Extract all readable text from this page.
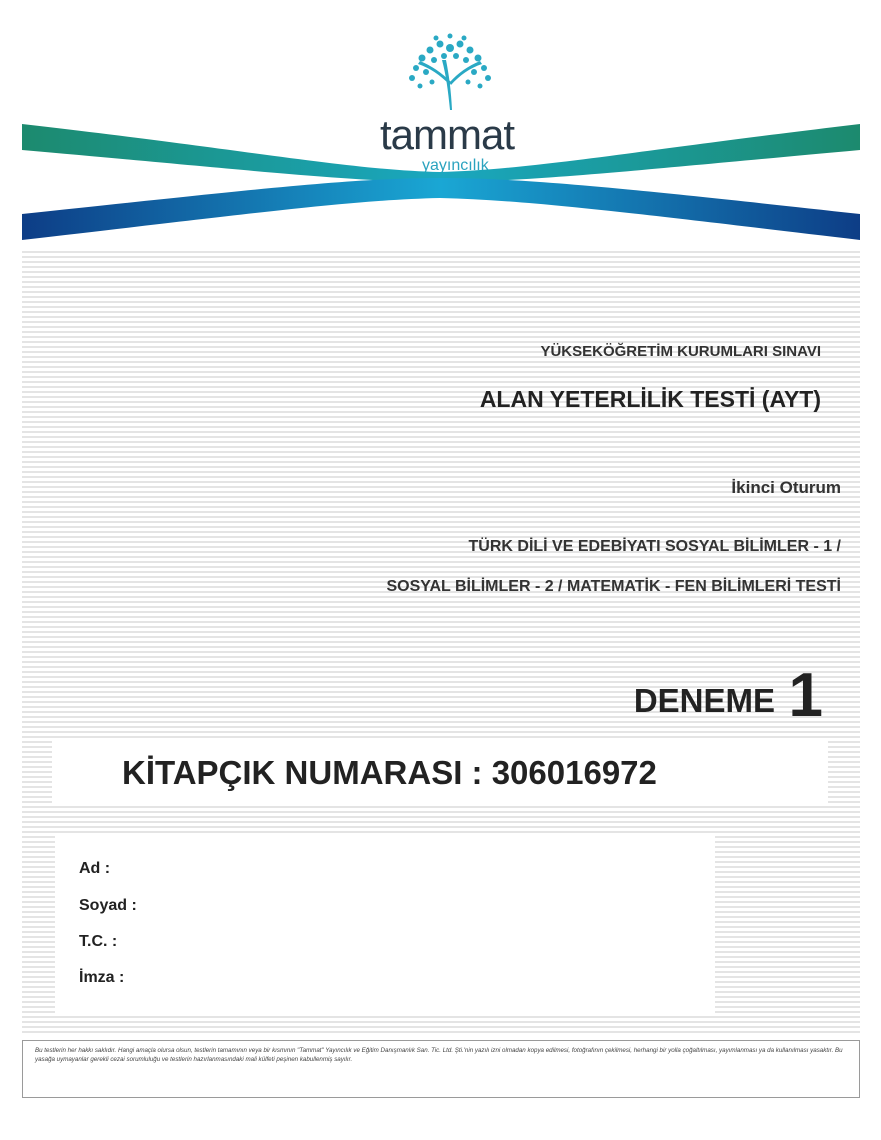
tammat
yayıncılık
YÜKSEKÖĞRETİM KURUMLARI SINAVI
ALAN YETERLİLİK TESTİ (AYT)
İkinci Oturum
TÜRK DİLİ VE EDEBİYATI SOSYAL BİLİMLER - 1 /
SOSYAL BİLİMLER - 2 / MATEMATİK - FEN BİLİMLERİ TESTİ
DENEME 1
KİTAPÇIK NUMARASI : 306016972
Ad :
Soyad :
T.C. :
İmza :
Bu testlerin her hakkı saklıdır. Hangi amaçla olursa olsun, testlerin tamamının veya bir kısmının "Tammat" Yayıncılık ve Eğitim Danışmanlık San. Tic. Ltd. Şti.'nin yazılı izni olmadan kopya edilmesi, fotoğrafının çekilmesi, herhangi bir yolla çoğaltılması, yayımlanması ya da kullanılması yasaktır. Bu yasağa uymayanlar gerekli cezai sorumluluğu ve testlerin hazırlanmasındaki mali külfeti peşinen kabullenmiş sayılır.
